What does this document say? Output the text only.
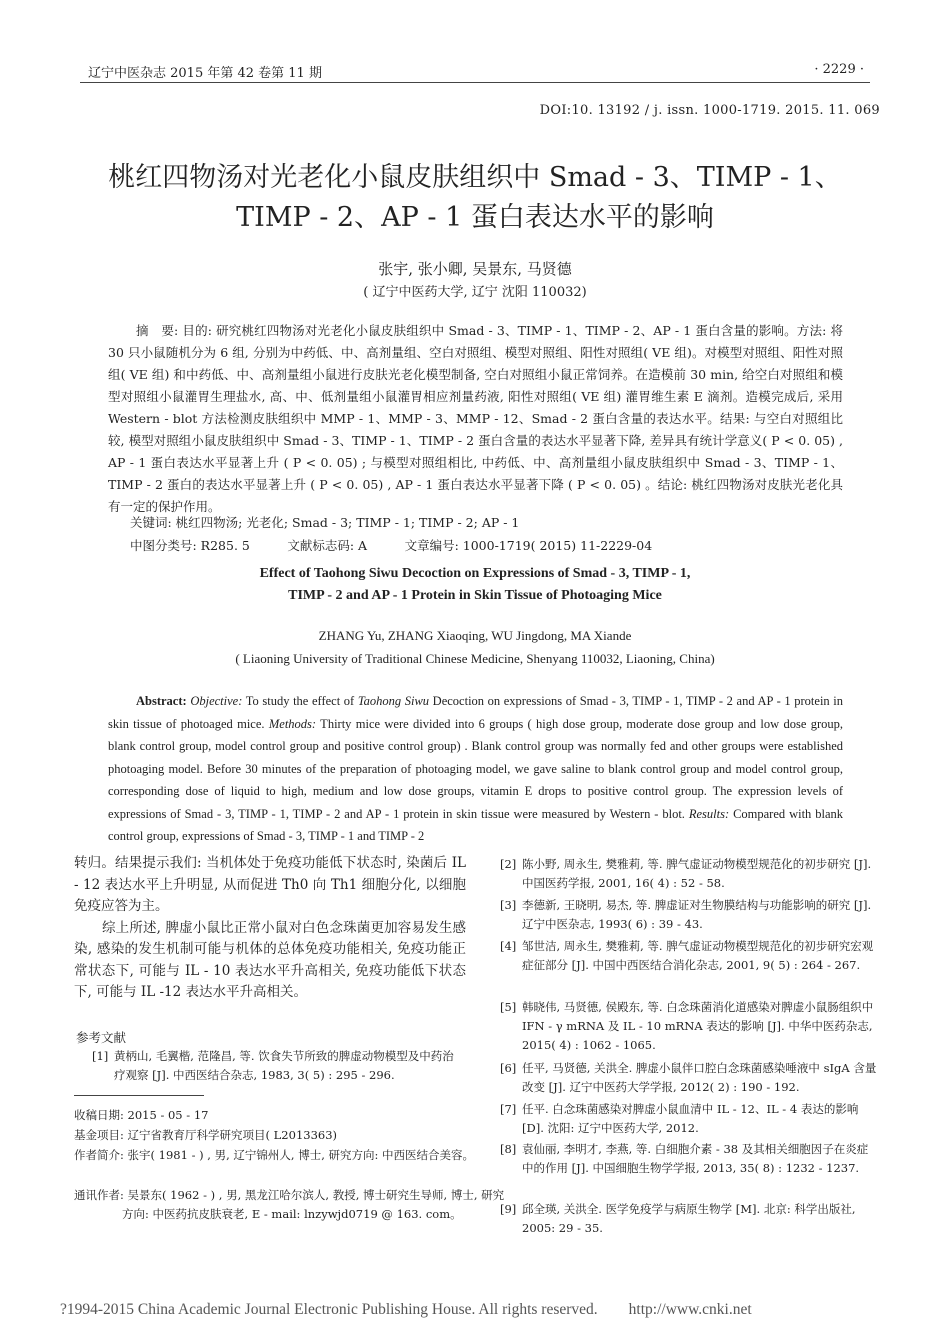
辽宁中医杂志 2015 年第 42 卷第 11 期	· 2229 ·
DOI:10. 13192 / j. issn. 1000-1719. 2015. 11. 069
桃红四物汤对光老化小鼠皮肤组织中 Smad - 3、TIMP - 1、
TIMP - 2、AP - 1 蛋白表达水平的影响
张宇, 张小卿, 吴景东, 马贤德
( 辽宁中医药大学, 辽宁 沈阳 110032)
摘　要: 目的: 研究桃红四物汤对光老化小鼠皮肤组织中 Smad - 3、TIMP - 1、TIMP - 2、AP - 1 蛋白含量的影响。方法: 将 30 只小鼠随机分为 6 组, 分别为中药低、中、高剂量组、空白对照组、模型对照组、阳性对照组( VE 组)。对模型对照组、阳性对照组( VE 组) 和中药低、中、高剂量组小鼠进行皮肤光老化模型制备, 空白对照组小鼠正常饲养。在造模前 30 min, 给空白对照组和模型对照组小鼠灌胃生理盐水, 高、中、低剂量组小鼠灌胃相应剂量药液, 阳性对照组( VE 组) 灌胃维生素 E 滴剂。造模完成后, 采用 Western - blot 方法检测皮肤组织中 MMP - 1、MMP - 3、MMP - 12、Smad - 2 蛋白含量的表达水平。结果: 与空白对照组比较, 模型对照组小鼠皮肤组织中 Smad - 3、TIMP - 1、TIMP - 2 蛋白含量的表达水平显著下降, 差异具有统计学意义( P < 0. 05) , AP - 1 蛋白表达水平显著上升 ( P < 0. 05) ; 与模型对照组相比, 中药低、中、高剂量组小鼠皮肤组织中 Smad - 3、TIMP - 1、TIMP - 2 蛋白的表达水平显著上升 ( P < 0. 05) , AP - 1 蛋白表达水平显著下降 ( P < 0. 05) 。结论: 桃红四物汤对皮肤光老化具有一定的保护作用。
关键词: 桃红四物汤; 光老化; Smad - 3; TIMP - 1; TIMP - 2; AP - 1
中图分类号: R285. 5　　　文献标志码: A　　　文章编号: 1000-1719( 2015) 11-2229-04
Effect of Taohong Siwu Decoction on Expressions of Smad - 3, TIMP - 1,
TIMP - 2 and AP - 1 Protein in Skin Tissue of Photoaging Mice
ZHANG Yu, ZHANG Xiaoqing, WU Jingdong, MA Xiande
( Liaoning University of Traditional Chinese Medicine, Shenyang 110032, Liaoning, China)
Abstract: Objective: To study the effect of Taohong Siwu Decoction on expressions of Smad - 3, TIMP - 1, TIMP - 2 and AP - 1 protein in skin tissue of photoaged mice. Methods: Thirty mice were divided into 6 groups ( high dose group, moderate dose group and low dose group, blank control group, model control group and positive control group) . Blank control group was normally fed and other groups were established photoaging model. Before 30 minutes of the preparation of photoaging model, we gave saline to blank control group and model control group, corresponding dose of liquid to high, medium and low dose groups, vitamin E drops to positive control group. The expression levels of expressions of Smad - 3, TIMP - 1, TIMP - 2 and AP - 1 protein in skin tissue were measured by Western - blot. Results: Compared with blank control group, expressions of Smad - 3, TIMP - 1 and TIMP - 2

转归。结果提示我们: 当机体处于免疫功能低下状态时, 染菌后 IL - 12 表达水平上升明显, 从而促进 Th0 向 Th1 细胞分化, 以细胞免疫应答为主。

综上所述, 脾虚小鼠比正常小鼠对白色念珠菌更加容易发生感染, 感染的发生机制可能与机体的总体免疫功能相关, 免疫功能正常状态下, 可能与 IL - 10 表达水平升高相关, 免疫功能低下状态下, 可能与 IL -12 表达水平升高相关。

参考文献
[1] 黄柄山, 毛翼楷, 范隆昌, 等. 饮食失节所致的脾虚动物模型及中药治疗观察 [J]. 中西医结合杂志, 1983, 3( 5) : 295 - 296.
收稿日期: 2015 - 05 - 17
基金项目: 辽宁省教育厅科学研究项目( L2013363)
作者简介: 张宇( 1981 - ) , 男, 辽宁锦州人, 博士, 研究方向: 中西医结合美容。
通讯作者: 吴景东( 1962 - ) , 男, 黑龙江哈尔滨人, 教授, 博士研究生导师, 博士, 研究方向: 中医药抗皮肤衰老, E - mail: lnzywjd0719 @ 163. com。
[2] 陈小野, 周永生, 樊雅莉, 等. 脾气虚证动物模型规范化的初步研究 [J]. 中国医药学报, 2001, 16( 4) : 52 - 58.
[3] 李德新, 王晓明, 易杰, 等. 脾虚证对生物膜结构与功能影响的研究 [J]. 辽宁中医杂志, 1993( 6) : 39 - 43.
[4] 邹世洁, 周永生, 樊雅莉, 等. 脾气虚证动物模型规范化的初步研究宏观症征部分 [J]. 中国中西医结合消化杂志, 2001, 9( 5) : 264 - 267.
[5] 韩晓伟, 马贤德, 侯殿东, 等. 白念珠菌消化道感染对脾虚小鼠肠组织中 IFN - γ mRNA 及 IL - 10 mRNA 表达的影响 [J]. 中华中医药杂志, 2015( 4) : 1062 - 1065.
[6] 任平, 马贤德, 关洪全. 脾虚小鼠伴口腔白念珠菌感染唾液中 sIgA 含量改变 [J]. 辽宁中医药大学学报, 2012( 2) : 190 - 192.
[7] 任平. 白念珠菌感染对脾虚小鼠血清中 IL - 12、IL - 4 表达的影响 [D]. 沈阳: 辽宁中医药大学, 2012.
[8] 袁仙丽, 李明才, 李燕, 等. 白细胞介素 - 38 及其相关细胞因子在炎症中的作用 [J]. 中国细胞生物学学报, 2013, 35( 8) : 1232 - 1237.
[9] 邱全瑛, 关洪全. 医学免疫学与病原生物学 [M]. 北京: 科学出版社, 2005: 29 - 35.
?1994-2015 China Academic Journal Electronic Publishing House. All rights reserved.　　http://www.cnki.net
